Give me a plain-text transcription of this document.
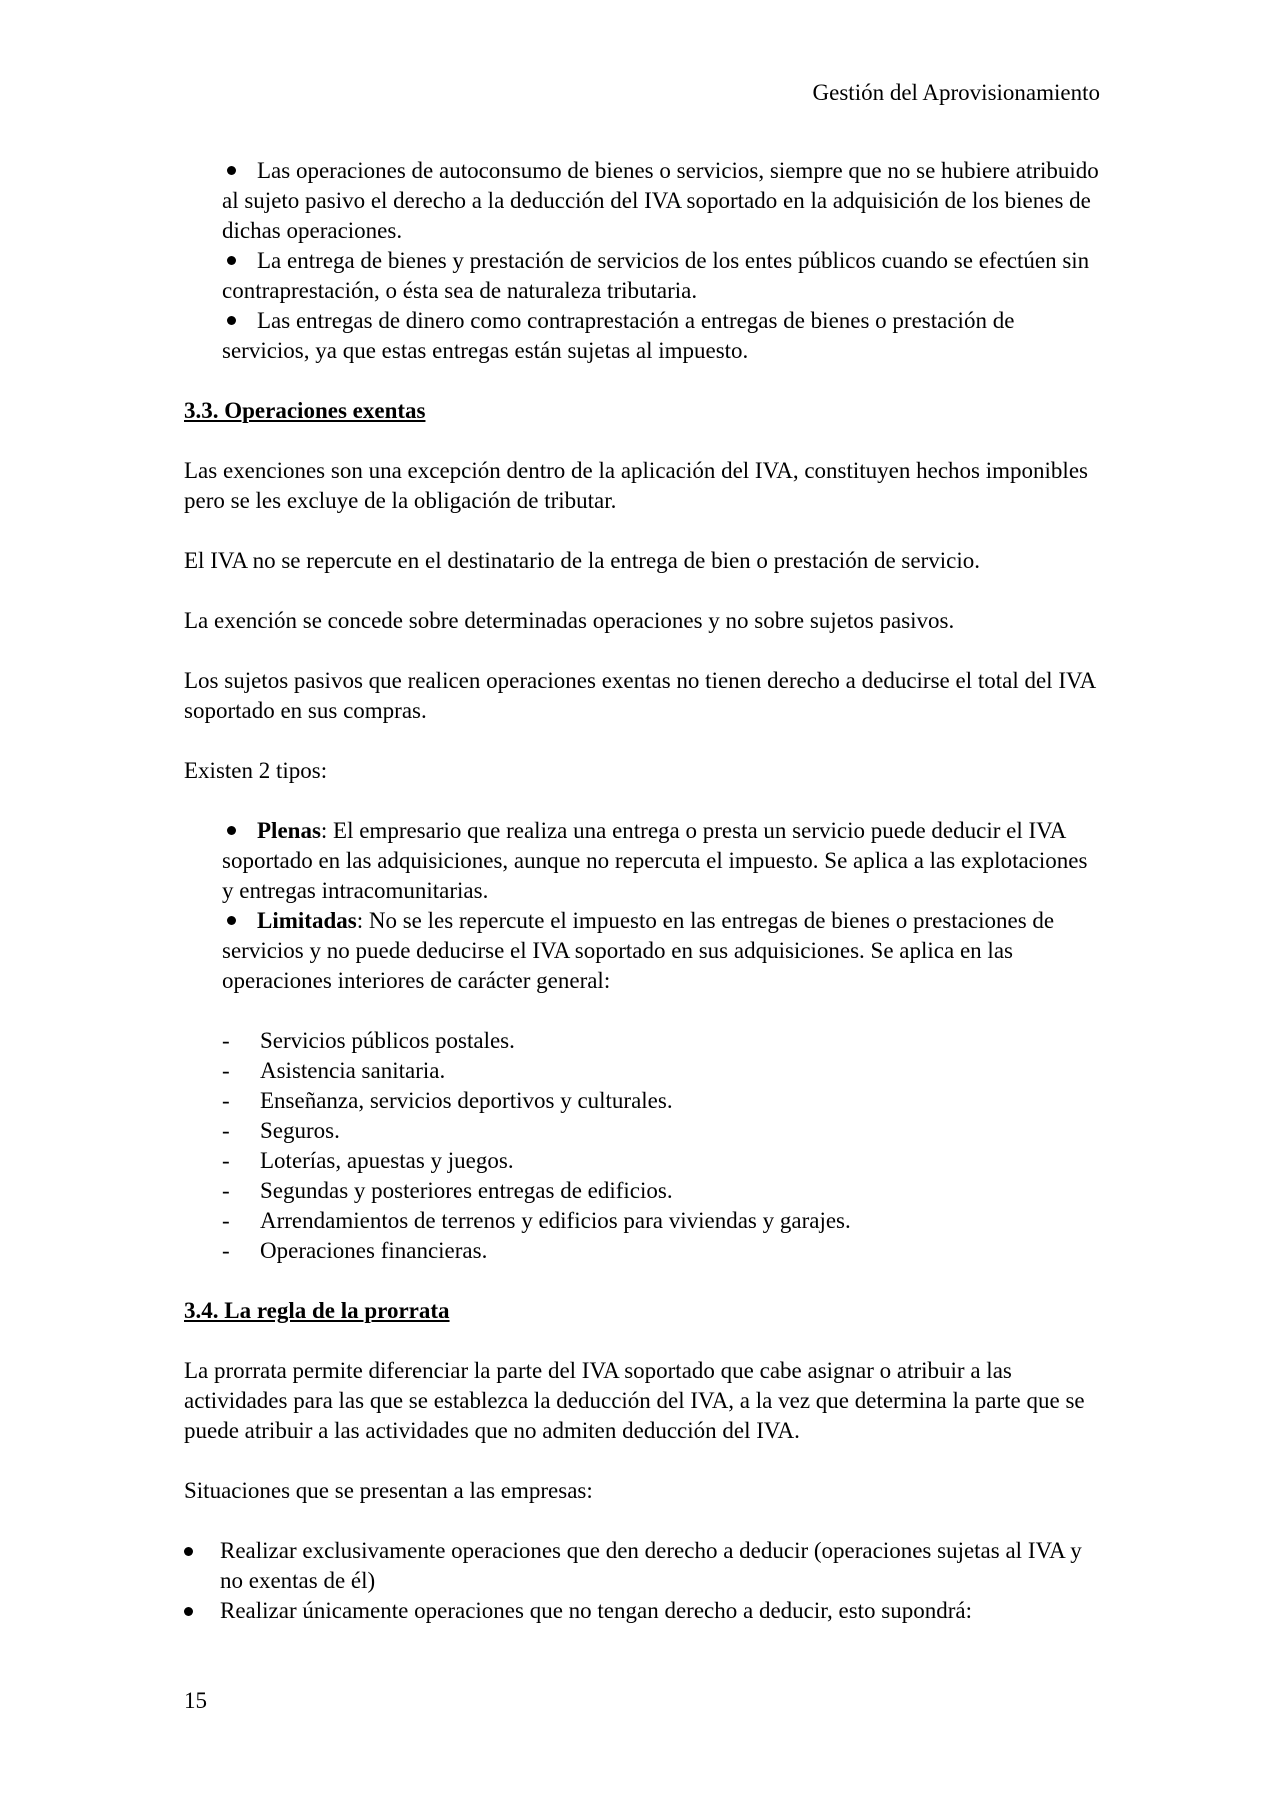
Gestión del Aprovisionamiento
Las operaciones de autoconsumo de bienes o servicios, siempre que no se hubiere atribuido al sujeto pasivo el derecho a la deducción del IVA soportado en la adquisición de los bienes de dichas operaciones.
La entrega de bienes y prestación de servicios de los entes públicos cuando se efectúen sin contraprestación, o ésta sea de naturaleza tributaria.
Las entregas de dinero como contraprestación a entregas de bienes o prestación de servicios, ya que estas entregas están sujetas al impuesto.

3.3. Operaciones exentas

Las exenciones son una excepción dentro de la aplicación del IVA, constituyen hechos imponibles pero se les excluye de la obligación de tributar.

El IVA no se repercute en el destinatario de la entrega de bien o prestación de servicio.

La exención se concede sobre determinadas operaciones y no sobre sujetos pasivos.

Los sujetos pasivos que realicen operaciones exentas no tienen derecho a deducirse el total del IVA soportado en sus compras.

Existen 2 tipos:

Plenas: El empresario que realiza una entrega o presta un servicio puede deducir el IVA soportado en las adquisiciones, aunque no repercuta el impuesto. Se aplica a las explotaciones y entregas intracomunitarias.
Limitadas: No se les repercute el impuesto en las entregas de bienes o prestaciones de servicios y no puede deducirse el IVA soportado en sus adquisiciones. Se aplica en las operaciones interiores de carácter general:
- Servicios públicos postales.
- Asistencia sanitaria.
- Enseñanza, servicios deportivos y culturales.
- Seguros.
- Loterías, apuestas y juegos.
- Segundas y posteriores entregas de edificios.
- Arrendamientos de terrenos y edificios para viviendas y garajes.
- Operaciones financieras.

3.4. La regla de la prorrata

La prorrata permite diferenciar la parte del IVA soportado que cabe asignar o atribuir a las actividades para las que se establezca la deducción del IVA, a la vez que determina la parte que se puede atribuir a las actividades que no admiten deducción del IVA.

Situaciones que se presentan a las empresas:

Realizar exclusivamente operaciones que den derecho a deducir (operaciones sujetas al IVA y no exentas de él)
Realizar únicamente operaciones que no tengan derecho a deducir, esto supondrá:
15
